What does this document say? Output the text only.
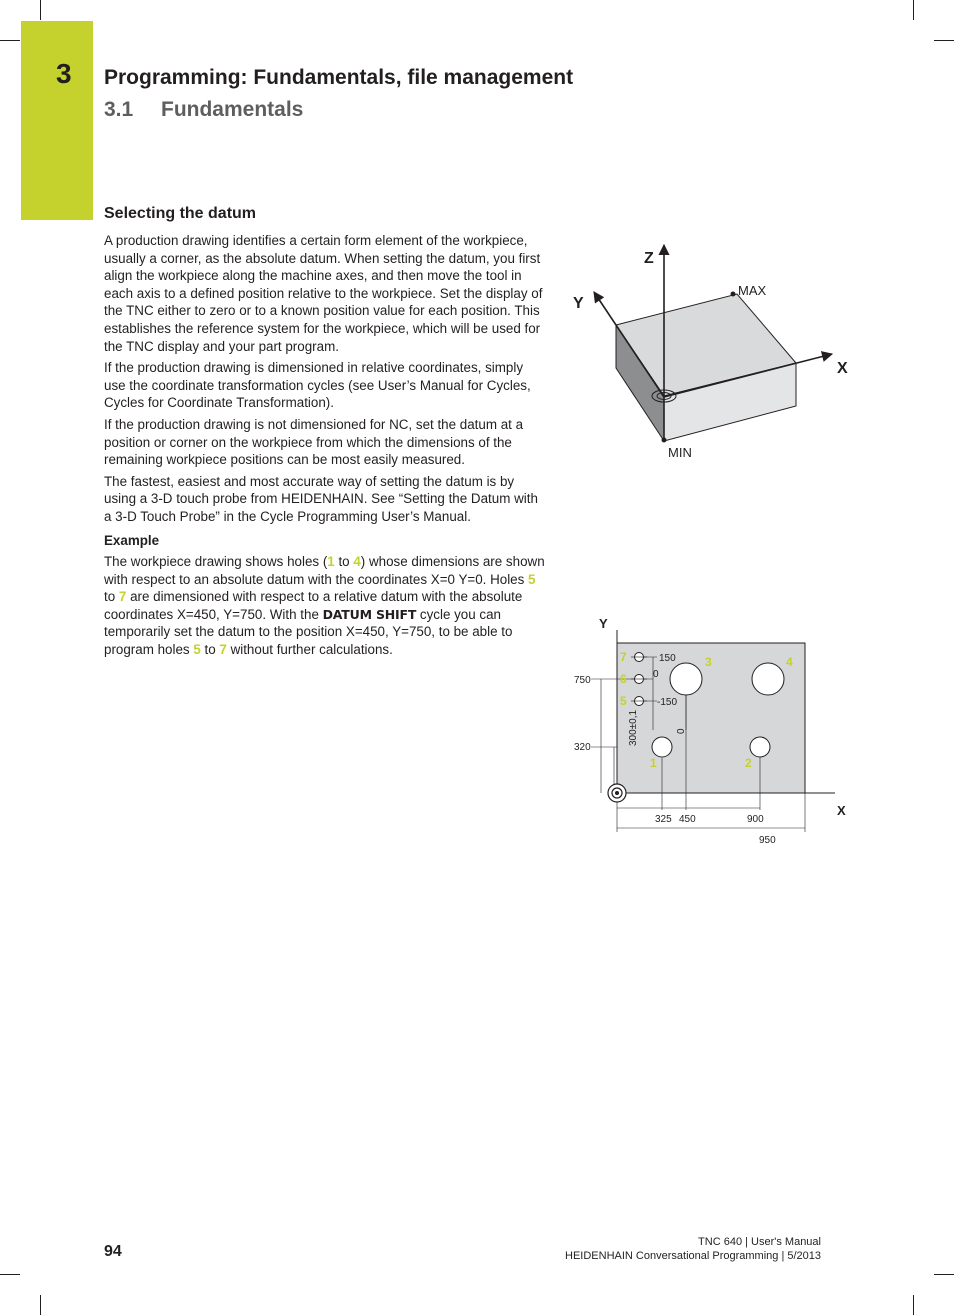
3 Programming: Fundamentals, file management
3.1 Fundamentals
Selecting the datum

A production drawing identifies a certain form element of the workpiece, usually a corner, as the absolute datum. When setting the datum, you first align the workpiece along the machine axes, and then move the tool in each axis to a defined position relative to the workpiece. Set the display of the TNC either to zero or to a known position value for each position. This establishes the reference system for the workpiece, which will be used for the TNC display and your part program.

If the production drawing is dimensioned in relative coordinates, simply use the coordinate transformation cycles (see User’s Manual for Cycles, Cycles for Coordinate Transformation).

If the production drawing is not dimensioned for NC, set the datum at a position or corner on the workpiece from which the dimensions of the remaining workpiece positions can be most easily measured.

The fastest, easiest and most accurate way of setting the datum is by using a 3-D touch probe from HEIDENHAIN. See “Setting the Datum with a 3-D Touch Probe” in the Cycle Programming User’s Manual.

Example

The workpiece drawing shows holes (1 to 4) whose dimensions are shown with respect to an absolute datum with the coordinates X=0 Y=0. Holes 5 to 7 are dimensioned with respect to a relative datum with the absolute coordinates X=450, Y=750. With the DATUM SHIFT cycle you can temporarily set the datum to the position X=450, Y=750, to be able to program holes 5 to 7 without further calculations.

Z
Y
X
MAX
MIN
Y
X
750
320
325 450	900
950
150
0
-150
300±0,1	0
7
6
5
3	4
1	2
94
TNC 640 | User's Manual
HEIDENHAIN Conversational Programming | 5/2013
